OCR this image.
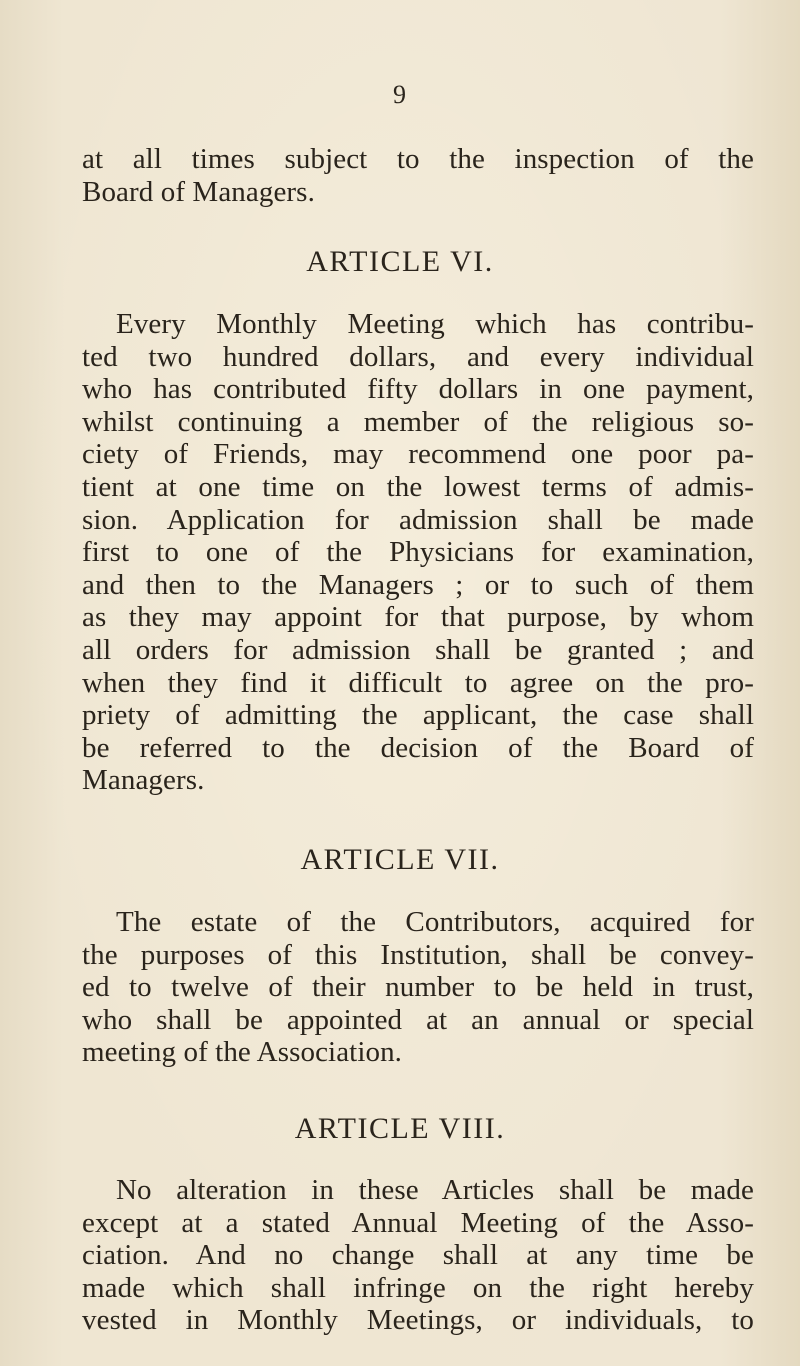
9
at all times subject to the inspection of the
Board of Managers.
ARTICLE VI.
Every Monthly Meeting which has contribu-
ted two hundred dollars, and every individual
who has contributed fifty dollars in one payment,
whilst continuing a member of the religious so-
ciety of Friends, may recommend one poor pa-
tient at one time on the lowest terms of admis-
sion. Application for admission shall be made
first to one of the Physicians for examination,
and then to the Managers ; or to such of them
as they may appoint for that purpose, by whom
all orders for admission shall be granted ; and
when they find it difficult to agree on the pro-
priety of admitting the applicant, the case shall
be referred to the decision of the Board of
Managers.
ARTICLE VII.
The estate of the Contributors, acquired for
the purposes of this Institution, shall be convey-
ed to twelve of their number to be held in trust,
who shall be appointed at an annual or special
meeting of the Association.
ARTICLE VIII.
No alteration in these Articles shall be made
except at a stated Annual Meeting of the Asso-
ciation. And no change shall at any time be
made which shall infringe on the right hereby
vested in Monthly Meetings, or individuals, to
